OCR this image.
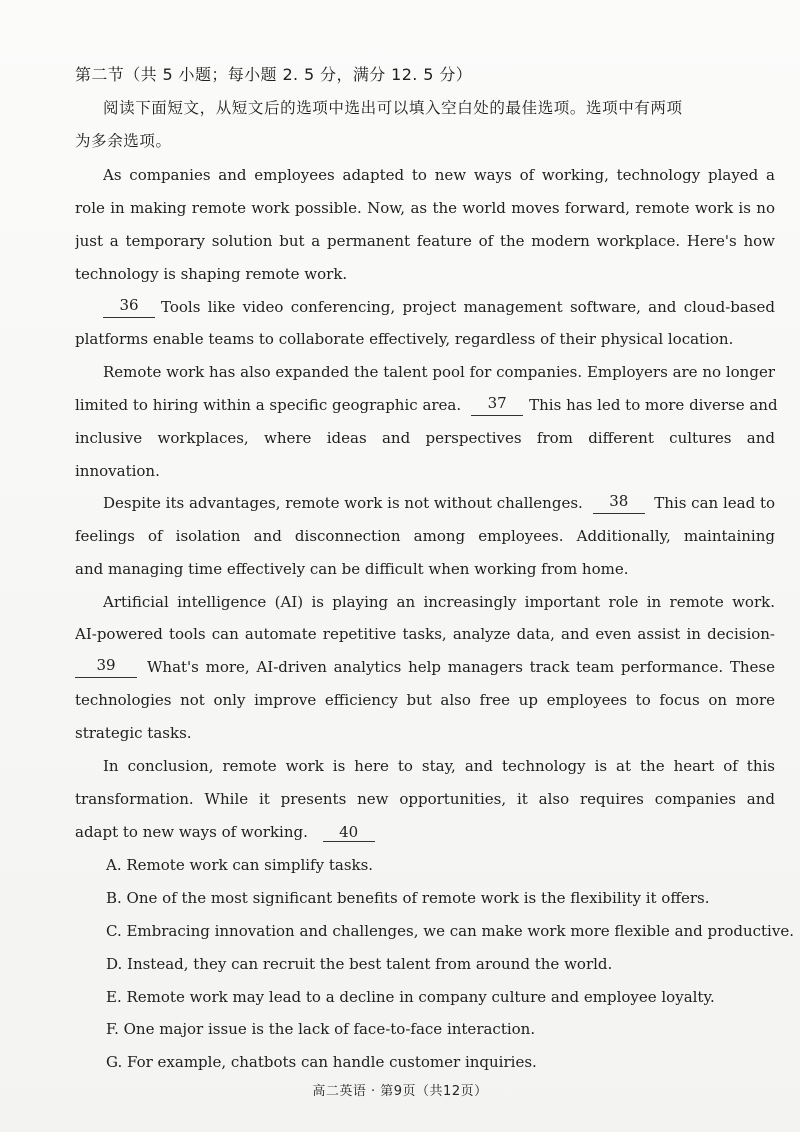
第二节（共 5 小题；每小题 2. 5 分，满分 12. 5 分）
阅读下面短文，从短文后的选项中选出可以填入空白处的最佳选项。选项中有两项
为多余选项。
As companies and employees adapted to new ways of working, technology played a
role in making remote work possible. Now, as the world moves forward, remote work is no
just a temporary solution but a permanent feature of the modern workplace. Here's how
technology is shaping remote work.
36	Tools like video conferencing, project management software, and cloud-based
platforms enable teams to collaborate effectively, regardless of their physical location.
Remote work has also expanded the talent pool for companies. Employers are no longer
limited to hiring within a specific geographic area.	37	This has led to more diverse and
inclusive workplaces, where ideas and perspectives from different cultures and
innovation.
Despite its advantages, remote work is not without challenges.	38	This can lead to
feelings of isolation and disconnection among employees. Additionally, maintaining
and managing time effectively can be difficult when working from home.
Artificial intelligence (AI) is playing an increasingly important role in remote work.
AI-powered tools can automate repetitive tasks, analyze data, and even assist in decision-
39	What's more, AI-driven analytics help managers track team performance. These
technologies not only improve efficiency but also free up employees to focus on more
strategic tasks.
In conclusion, remote work is here to stay, and technology is at the heart of this
transformation. While it presents new opportunities, it also requires companies and
adapt to new ways of working. 40
A. Remote work can simplify tasks.
B. One of the most significant benefits of remote work is the flexibility it offers.
C. Embracing innovation and challenges, we can make work more flexible and productive.
D. Instead, they can recruit the best talent from around the world.
E. Remote work may lead to a decline in company culture and employee loyalty.
F. One major issue is the lack of face-to-face interaction.
G. For example, chatbots can handle customer inquiries.
高二英语 · 第9页（共12页）
